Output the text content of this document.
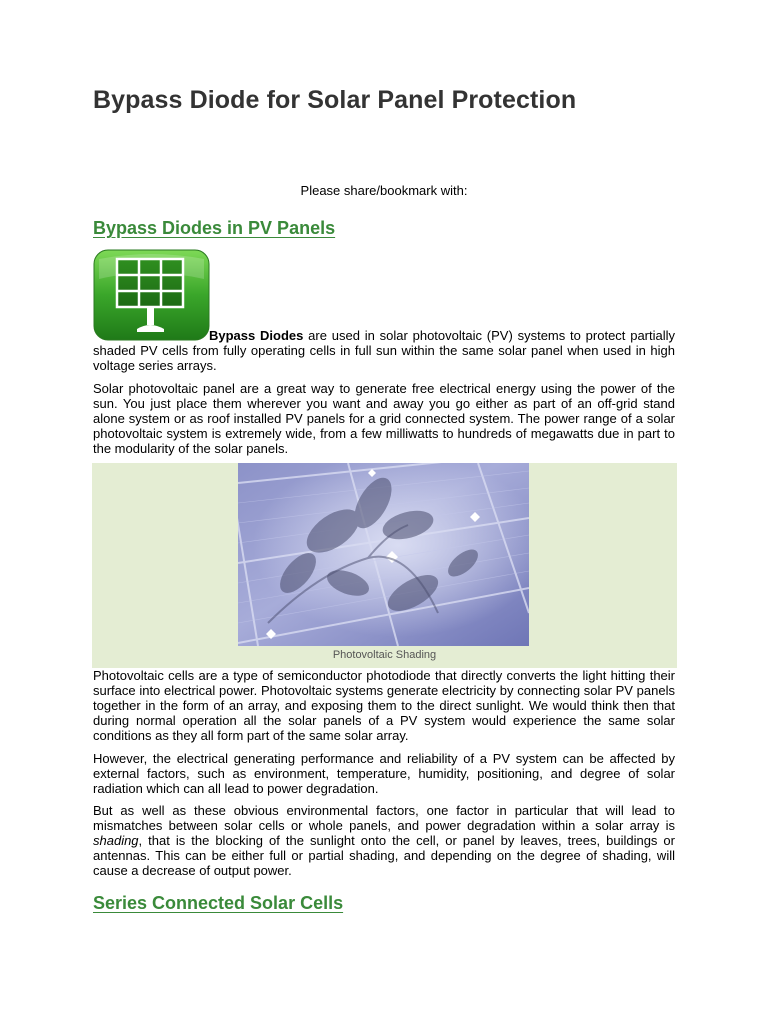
Bypass Diode for Solar Panel Protection
Please share/bookmark with:
Bypass Diodes in PV Panels

Bypass Diodes are used in solar photovoltaic (PV) systems to protect partially shaded PV cells from fully operating cells in full sun within the same solar panel when used in high voltage series arrays.

Solar photovoltaic panel are a great way to generate free electrical energy using the power of the sun. You just place them wherever you want and away you go either as part of an off-grid stand alone system or as roof installed PV panels for a grid connected system. The power range of a solar photovoltaic system is extremely wide, from a few milliwatts to hundreds of megawatts due in part to the modularity of the solar panels.

Photovoltaic Shading

Photovoltaic cells are a type of semiconductor photodiode that directly converts the light hitting their surface into electrical power. Photovoltaic systems generate electricity by connecting solar PV panels together in the form of an array, and exposing them to the direct sunlight. We would think then that during normal operation all the solar panels of a PV system would experience the same solar conditions as they all form part of the same solar array.

However, the electrical generating performance and reliability of a PV system can be affected by external factors, such as environment, temperature, humidity, positioning, and degree of solar radiation which can all lead to power degradation.

But as well as these obvious environmental factors, one factor in particular that will lead to mismatches between solar cells or whole panels, and power degradation within a solar array is shading, that is the blocking of the sunlight onto the cell, or panel by leaves, trees, buildings or antennas. This can be either full or partial shading, and depending on the degree of shading, will cause a decrease of output power.

Series Connected Solar Cells
